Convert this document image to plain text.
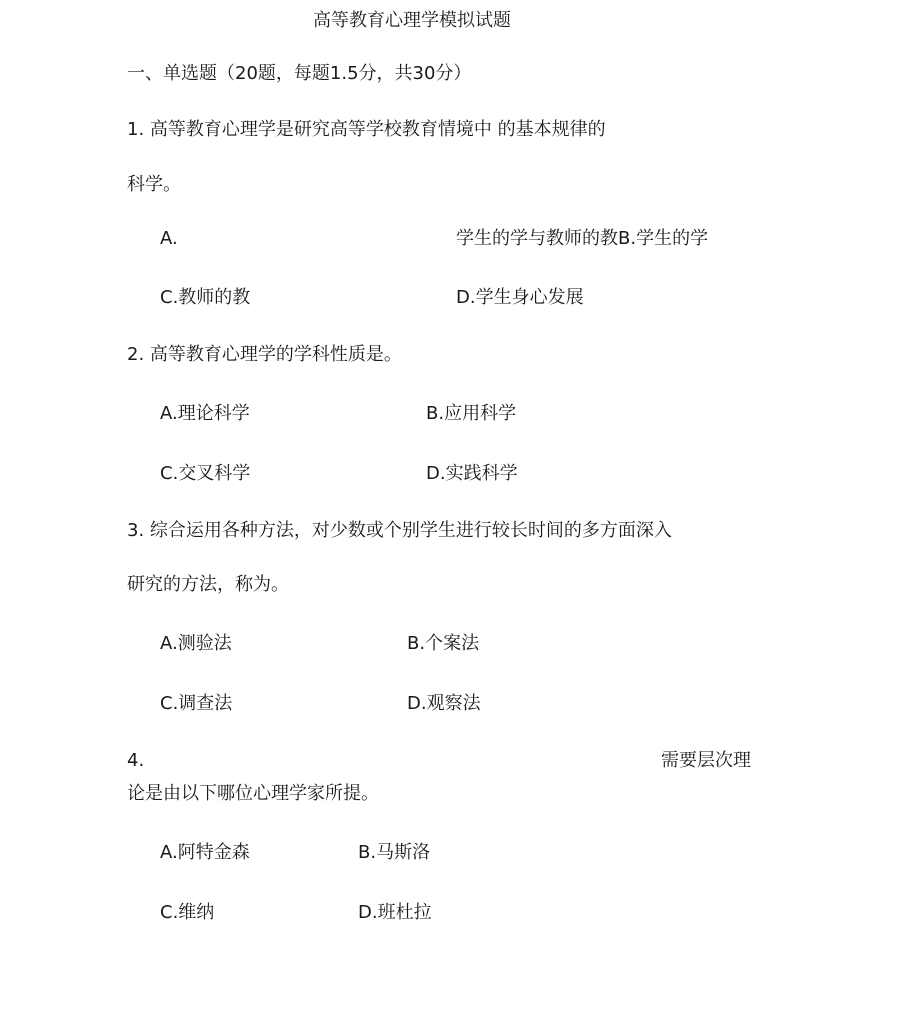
高等教育心理学模拟试题
一、单选题（20题，每题1.5分，共30分）
1. 高等教育心理学是研究高等学校教育情境中 的基本规律的
科学。
A.	学生的学与教师的教B.学生的学
C.教师的教	D.学生身心发展
2. 高等教育心理学的学科性质是。
A.理论科学	B.应用科学
C.交叉科学	D.实践科学
3. 综合运用各种方法，对少数或个别学生进行较长时间的多方面深入
研究的方法，称为。
A.测验法	B.个案法
C.调查法	D.观察法
4.	需要层次理
论是由以下哪位心理学家所提。
A.阿特金森	B.马斯洛
C.维纳	D.班杜拉
